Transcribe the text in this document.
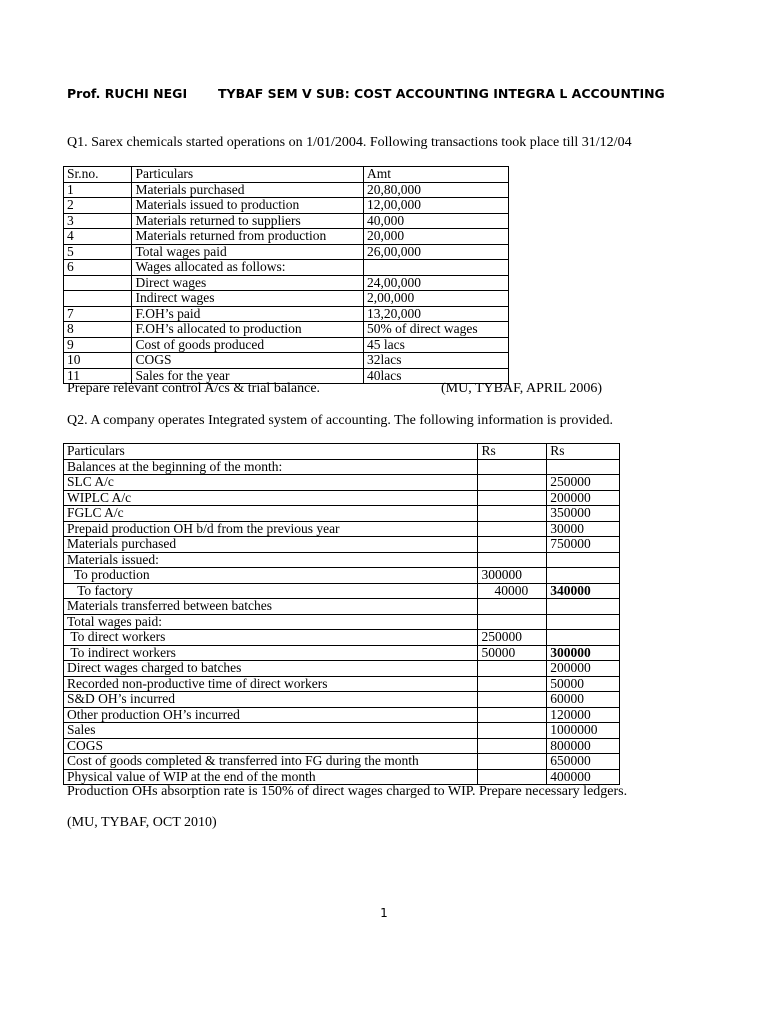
Prof. RUCHI NEGI TYBAF SEM V SUB: COST ACCOUNTING INTEGRA L ACCOUNTING
Q1. Sarex chemicals started operations on 1/01/2004. Following transactions took place till 31/12/04
Sr.no.	Particulars	Amt
1	Materials purchased	20,80,000
2	Materials issued to production	12,00,000
3	Materials returned to suppliers	40,000
4	Materials returned from production	20,000
5	Total wages paid	26,00,000
6	Wages allocated as follows:	
	Direct wages	24,00,000
	Indirect wages	2,00,000
7	F.OH’s paid	13,20,000
8	F.OH’s allocated to production	50% of direct wages
9	Cost of goods produced	45 lacs
10	COGS	32lacs
11	Sales for the year	40lacs
Prepare relevant control A/cs & trial balance.	(MU, TYBAF, APRIL 2006)
Q2. A company operates Integrated system of accounting. The following information is provided.
Particulars	Rs	Rs
Balances at the beginning of the month:		
SLC A/c		250000
WIPLC A/c		200000
FGLC A/c		350000
Prepaid production OH b/d from the previous year		30000
Materials purchased		750000
Materials issued:		
To production	300000	
To factory	40000	340000
Materials transferred between batches		
Total wages paid:		
To direct workers	250000	
To indirect workers	50000	300000
Direct wages charged to batches		200000
Recorded non-productive time of direct workers		50000
S&D OH’s incurred		60000
Other production OH’s incurred		120000
Sales		1000000
COGS		800000
Cost of goods completed & transferred into FG during the month		650000
Physical value of WIP at the end of the month		400000
Production OHs absorption rate is 150% of direct wages charged to WIP. Prepare necessary ledgers.
(MU, TYBAF, OCT 2010)
1
